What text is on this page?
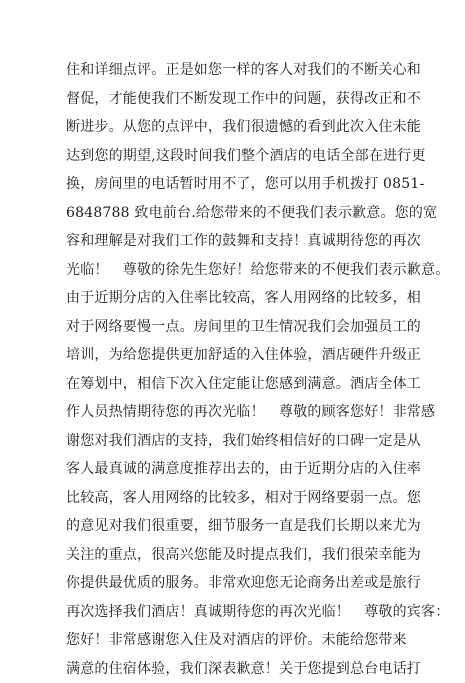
住和详细点评。正是如您一样的客人对我们的不断关心和
督促，才能使我们不断发现工作中的问题，获得改正和不
断进步。从您的点评中，我们很遗憾的看到此次入住未能
达到您的期望,这段时间我们整个酒店的电话全部在进行更
换，房间里的电话暂时用不了，您可以用手机拨打 0851-
6848788 致电前台.给您带来的不便我们表示歉意。您的宽
容和理解是对我们工作的鼓舞和支持！真诚期待您的再次
光临！　尊敬的徐先生您好！给您带来的不便我们表示歉意。
由于近期分店的入住率比较高，客人用网络的比较多，相
对于网络要慢一点。房间里的卫生情况我们会加强员工的
培训，为给您提供更加舒适的入住体验，酒店硬件升级正
在筹划中，相信下次入住定能让您感到满意。酒店全体工
作人员热情期待您的再次光临！　尊敬的顾客您好！非常感
谢您对我们酒店的支持，我们始终相信好的口碑一定是从
客人最真诚的满意度推荐出去的，由于近期分店的入住率
比较高，客人用网络的比较多，相对于网络要弱一点。您
的意见对我们很重要，细节服务一直是我们长期以来尤为
关注的重点，很高兴您能及时提点我们，我们很荣幸能为
你提供最优质的服务。非常欢迎您无论商务出差或是旅行
再次选择我们酒店！真诚期待您的再次光临！　尊敬的宾客：
您好！非常感谢您入住及对酒店的评价。未能给您带来
满意的住宿体验，我们深表歉意！关于您提到总台电话打
